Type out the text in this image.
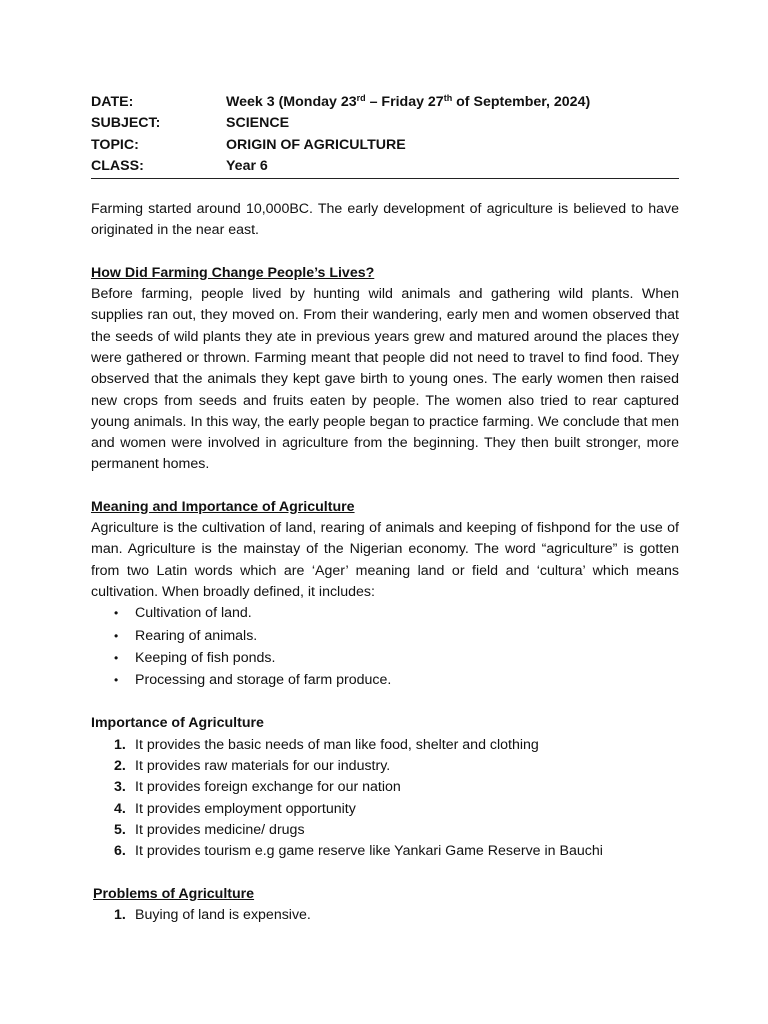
DATE:	Week 3 (Monday 23rd – Friday 27th of September, 2024)
SUBJECT:	SCIENCE
TOPIC:	ORIGIN OF AGRICULTURE
CLASS:	Year 6

Farming started around 10,000BC. The early development of agriculture is believed to have originated in the near east.

How Did Farming Change People’s Lives?

Before farming, people lived by hunting wild animals and gathering wild plants. When supplies ran out, they moved on. From their wandering, early men and women observed that the seeds of wild plants they ate in previous years grew and matured around the places they were gathered or thrown. Farming meant that people did not need to travel to find food. They observed that the animals they kept gave birth to young ones. The early women then raised new crops from seeds and fruits eaten by people. The women also tried to rear captured young animals. In this way, the early people began to practice farming. We conclude that men and women were involved in agriculture from the beginning. They then built stronger, more permanent homes.

Meaning and Importance of Agriculture

Agriculture is the cultivation of land, rearing of animals and keeping of fishpond for the use of man. Agriculture is the mainstay of the Nigerian economy. The word “agriculture” is gotten from two Latin words which are ‘Ager’ meaning land or field and ‘cultura’ which means cultivation. When broadly defined, it includes:

•	Cultivation of land.
•	Rearing of animals.
•	Keeping of fish ponds.
•	Processing and storage of farm produce.

Importance of Agriculture

1. It provides the basic needs of man like food, shelter and clothing
2. It provides raw materials for our industry.
3. It provides foreign exchange for our nation
4. It provides employment opportunity
5. It provides medicine/ drugs
6. It provides tourism e.g game reserve like Yankari Game Reserve in Bauchi

Problems of Agriculture

1. Buying of land is expensive.
